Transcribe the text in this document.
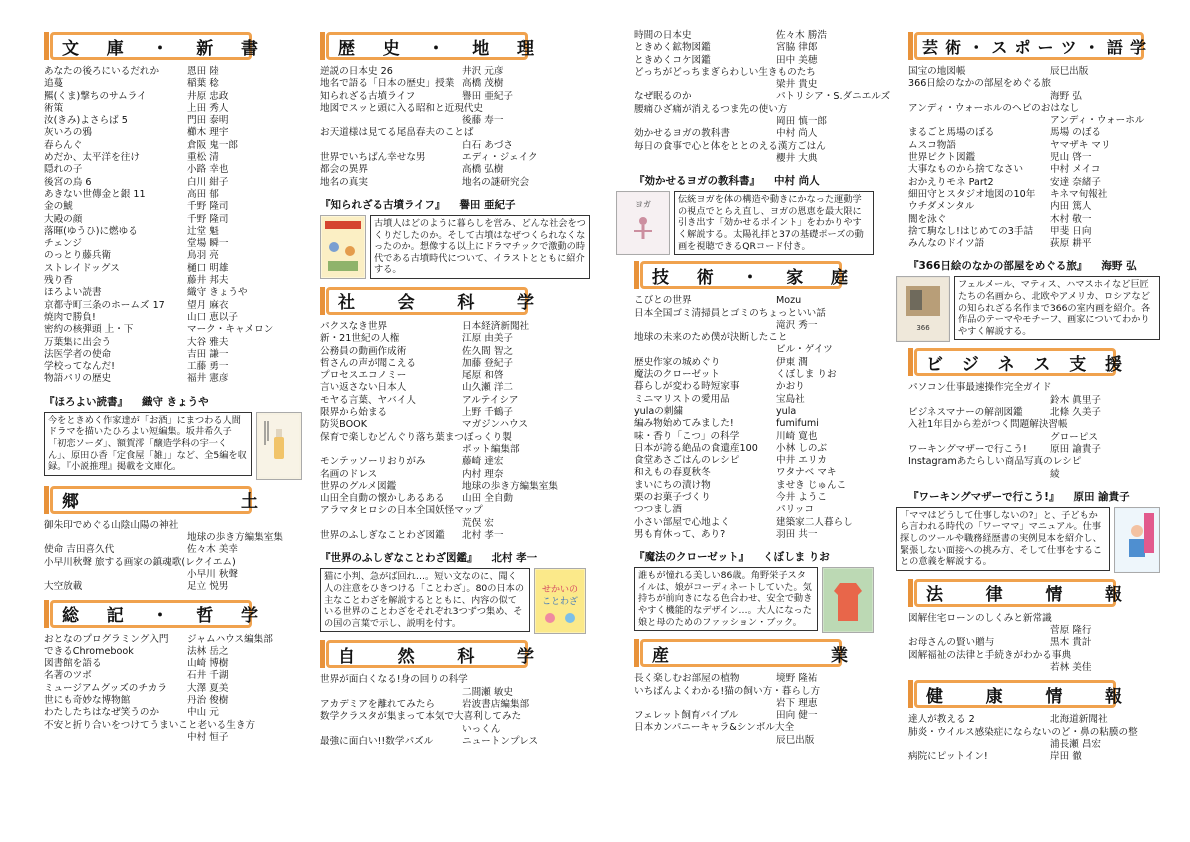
文 庫 ・ 新 書
あなたの後ろにいるだれか	恩田 陸
追蔓	稲葉 稔
羆(くま)撃ちのサムライ	井原 忠政
術策	上田 秀人
汝(きみ)よさらば 5	門田 泰明
灰いろの鴉	櫛木 理宇
春らんぐ	倉阪 鬼一郎
めだか、太平洋を往け	重松 清
隠れの子	小路 幸也
後宮の烏 6	白川 紺子
あきない世傳金と銀 11	高田 郁
金の鯱	千野 隆司
大殿の顔	千野 隆司
落暉(ゆうひ)に燃ゆる	辻堂 魁
チェンジ	堂場 瞬一
のっとり藤兵衛	鳥羽 亮
ストレイドッグス	樋口 明雄
残り香	藤井 邦夫
ほろよい読書	織守 きょうや
京都寺町三条のホームズ 17	望月 麻衣
焼肉で勝負!	山口 恵以子
密約の核弾頭 上・下	マーク・キャメロン
万葉集に出会う	大谷 雅夫
法医学者の使命	吉田 謙一
学校ってなんだ!	工藤 勇一
物語パリの歴史	福井 憲彦
『ほろよい読書』 織守 きょうや
今をときめく作家達が「お酒」にまつわる人間ドラマを描いたひろよい短編集。坂井希久子「初恋ソーダ」、額賀澪「醸造学科の宇一くん」、原田ひ香「定食屋「雑」」など、全5編を収録。『小説推理』掲載を文庫化。
郷	土
御朱印でめぐる山陰山陽の神社
地球の歩き方編集室集
使命 吉田喜久代	佐々木 美幸
小早川秋聲 旅する画家の鎮魂歌(レクイエム)
小早川 秋聲
大空放載	足立 悦男
総 記 ・ 哲 学
おとなのプログラミング入門	ジャムハウス編集部
できるChromebook	法林 岳之
図書館を語る	山崎 博樹
名著のツボ	石井 千湖
ミュージアムグッズのチカラ	大澤 夏美
世にも奇妙な博物館	丹治 俊樹
わたしたちはなぜ笑うのか	中山 元
不安と折り合いをつけてうまいこと老いる生き方
中村 恒子
歴 史 ・ 地 理
逆説の日本史 26	井沢 元彦
地名で語る「日本の歴史」授業 高橋 茂樹
知られざる古墳ライフ	譽田 亜紀子
地図でスッと頭に入る昭和と近現代史
後藤 寿一
お天道様は見てる尾畠春夫のことば
白石 あづさ
世界でいちばん幸せな男	エディ・ジェイク
都会の異界	高橋 弘樹
地名の真実	地名の謎研究会
『知られざる古墳ライフ』 譽田 亜紀子
古墳人はどのように暮らしを営み、どんな社会をつくりだしたのか。そして古墳はなぜつくられなくなったのか。想像する以上にドラマチックで激動の時代である古墳時代について、イラストとともに紹介する。
社	会	科	学
パクスなき世界	日本経済新聞社
新・21世紀の人権	江原 由美子
公務員の動画作成術	佐久間 智之
哲さんの声が聞こえる	加藤 登紀子
プロセスエコノミー	尾原 和啓
言い返さない日本人	山久瀬 洋二
モヤる言葉、ヤバイ人	アルテイシア
限界から始まる	上野 千鶴子
防災BOOK	マガジンハウス
保育で楽しむどんぐり落ち葉まつぼっくり製
ポット編集部
モンテッソーリおりがみ	藤崎 達宏
名画のドレス	内村 理奈
世界のグルメ図鑑	地球の歩き方編集室集
山田全自動の懐かしあるある	山田 全自動
アラマタヒロシの日本全国妖怪マップ
荒俣 宏
世界のふしぎなことわざ図鑑	北村 孝一
『世界のふしぎなことわざ図鑑』 北村 孝一
猫に小判、急がば回れ…。短い文なのに、聞く人の注意をひきつける「ことわざ」。80の日本の主なことわざを解説するとともに、内容の似ている世界のことわざをそれぞれ3つずつ集め、その国の言葉で示し、説明を付す。
せかいの
ことわざ
自	然	科	学
世界が面白くなる!身の回りの科学
二間瀬 敏史
アカデミアを離れてみたら	岩波書店編集部
数学クラスタが集まって本気で大喜利してみた
いっくん
最強に面白い!!数学パズル	ニュートンプレス
時間の日本史	佐々木 勝浩
ときめく鉱物図鑑	宮脇 律郎
ときめくコケ図鑑	田中 美穂
どっちがどっちまぎらわしい生きものたち
梁井 貴史
なぜ眠るのか	パトリシア・S.ダニエルズ
腰痛ひざ痛が消えるつま先の使い方
岡田 慎一郎
効かせるヨガの教科書	中村 尚人
毎日の食事で心と体をととのえる漢方ごはん
櫻井 大典
『効かせるヨガの教科書』 中村 尚人
ヨガ	伝統ヨガを体の構造や動きにかなった運動学の視点でとらえ直し、ヨガの恩恵を最大限に引き出す「効かせるポイント」をわかりやすく解説する。太陽礼拝と37の基礎ポーズの動画を視聴できるQRコード付き。
技 術 ・ 家 庭
こびとの世界	Mozu
日本全国ゴミ清掃員とゴミのちょっといい話
滝沢 秀一
地球の未来のため僕が決断したこと
ビル・ゲイツ
歴史作家の城めぐり	伊東 潤
魔法のクローゼット	くぼしま りお
暮らしが変わる時短家事	かおり
ミニマリストの愛用品	宝島社
yulaの刺繍	yula
編み物始めてみました!	fumifumi
味・香り「こつ」の科学	川崎 寛也
日本が誇る絶品の食遺産100	小林 しのぶ
食堂あさごはんのレシピ	中井 エリカ
和えもの春夏秋冬	ワタナベ マキ
まいにちの漬け物	ませき じゅんこ
栗のお菓子づくり	今井 ようこ
つつまし酒	パリッコ
小さい部屋で心地よく	建築家二人暮らし
男も育休って、あり?	羽田 共一
『魔法のクローゼット』 くぼしま りお
誰もが憧れる美しい86歳。角野栄子スタイルは、娘がコーディネートしていた。気持ちが前向きになる色合わせ、安全で動きやすく機能的なデザイン…。大人になった娘と母のためのファッション・ブック。
産	業
長く楽しむお部屋の植物	境野 隆祐
いちばんよくわかる!猫の飼い方・暮らし方
岩下 理恵
フェレット飼育バイブル	田向 健一
日本カンパニーキャラ&シンボル大全
辰巳出版
芸 術 ・ ス ポ ー ツ ・ 語 学
国宝の地図帳	辰巳出版
366日絵のなかの部屋をめぐる旅
海野 弘
アンディ・ウォーホルのヘビのおはなし
アンディ・ウォーホル
まるごと馬場のぼる	馬場 のぼる
ムスコ物語	ヤマザキ マリ
世界ピクト図鑑	児山 啓一
大事なものから捨てなさい	中村 メイコ
おかえりモネ Part2	安達 奈緒子
細田守とスタジオ地図の10年	キネマ旬報社
ウチダメンタル	内田 篤人
闇を泳ぐ	木村 敬一
捨て駒なし!はじめての3手詰	甲斐 日向
みんなのドイツ語	荻原 耕平
『366日絵のなかの部屋をめぐる旅』 海野 弘
366
フェルメール、マティス、ハマスホイなど巨匠たちの名画から、北欧やアメリカ、ロシアなどの知られざる名作まで366の室内画を紹介。各作品のテーマやモチーフ、画家についてわかりやすく解説する。
ビ ジ ネ ス 支 援
パソコン仕事最速操作完全ガイド
鈴木 眞里子
ビジネスマナーの解剖図鑑	北條 久美子
入社1年目から差がつく問題解決習帳
グローピス
ワーキングマザーで行こう!	原田 諭貴子
Instagramあたらしい商品写真のレシピ
綾
『ワーキングマザーで行こう!』 原田 諭貴子
「ママはどうして仕事しないの?」と、子どもから言われる時代の「ワーママ」マニュアル。仕事探しのツールや職務経歴書の実例見本を紹介し、緊張しない面接への挑み方、そして仕事をすることの意義を解説する。
法	律	情	報
図解住宅ローンのしくみと新常識
菅原 隆行
お母さんの賢い贈与	黒木 貴計
図解福祉の法律と手続きがわかる事典
若林 美佳
健	康	情	報
達人が教える 2	北海道新聞社
肺炎・ウイルス感染症にならないのど・鼻の粘膜の整
浦長瀬 昌宏
病院にピットイン!	岸田 徹
